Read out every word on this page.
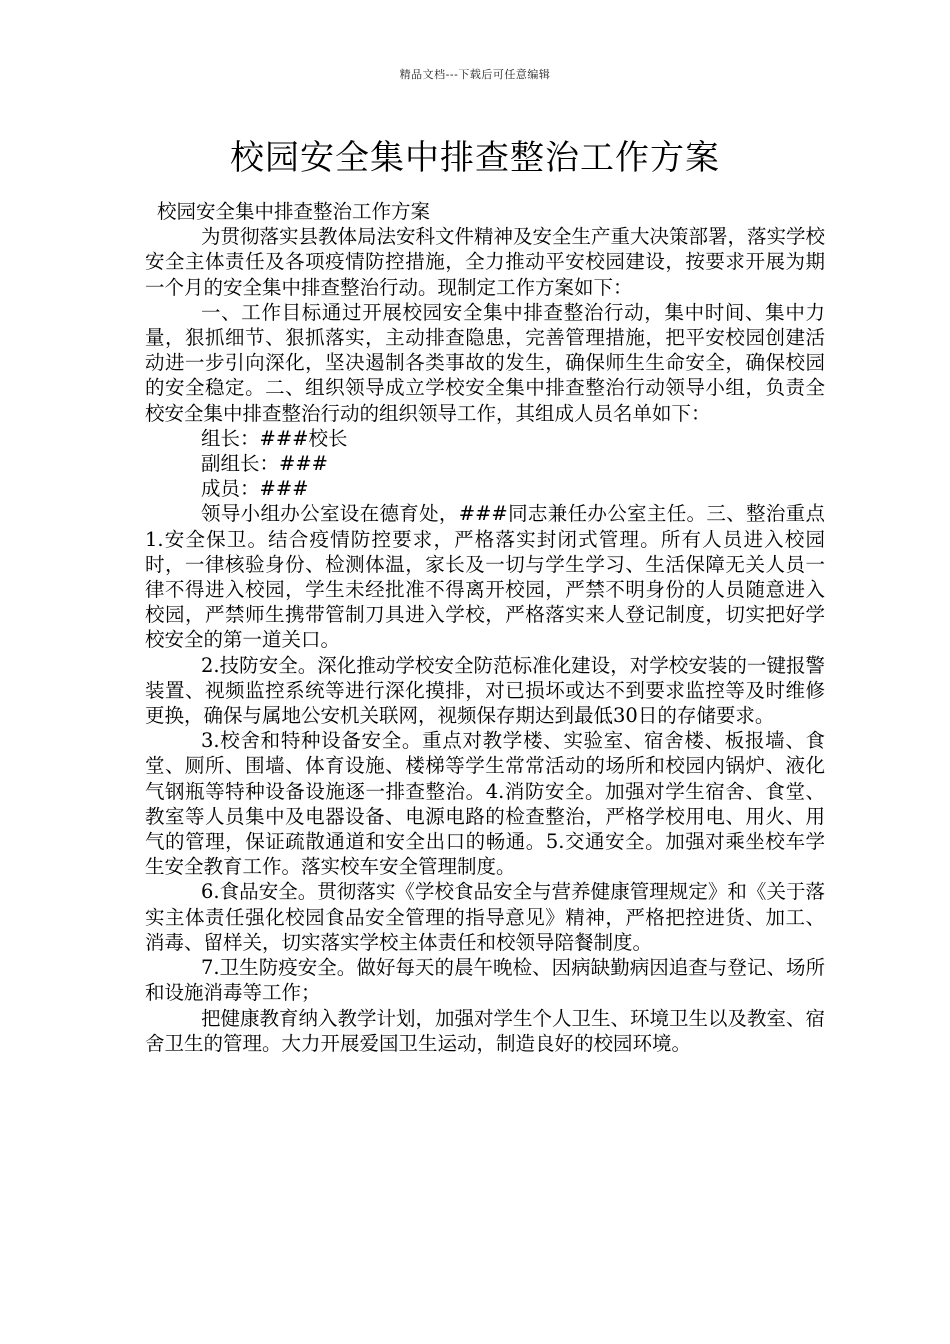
精品文档---下载后可任意编辑
校园安全集中排查整治工作方案

校园安全集中排查整治工作方案

为贯彻落实县教体局法安科文件精神及安全生产重大决策部署，落实学校安全主体责任及各项疫情防控措施，全力推动平安校园建设，按要求开展为期一个月的安全集中排查整治行动。现制定工作方案如下：

一、工作目标通过开展校园安全集中排查整治行动，集中时间、集中力量，狠抓细节、狠抓落实，主动排查隐患，完善管理措施，把平安校园创建活动进一步引向深化，坚决遏制各类事故的发生，确保师生生命安全，确保校园的安全稳定。二、组织领导成立学校安全集中排查整治行动领导小组，负责全校安全集中排查整治行动的组织领导工作，其组成人员名单如下：

组长：###校长

副组长：###

成员：###

领导小组办公室设在德育处，###同志兼任办公室主任。三、整治重点1.安全保卫。结合疫情防控要求，严格落实封闭式管理。所有人员进入校园时，一律核验身份、检测体温，家长及一切与学生学习、生活保障无关人员一律不得进入校园，学生未经批准不得离开校园，严禁不明身份的人员随意进入校园，严禁师生携带管制刀具进入学校，严格落实来人登记制度，切实把好学校安全的第一道关口。

2.技防安全。深化推动学校安全防范标准化建设，对学校安装的一键报警装置、视频监控系统等进行深化摸排，对已损坏或达不到要求监控等及时维修更换，确保与属地公安机关联网，视频保存期达到最低30日的存储要求。

3.校舍和特种设备安全。重点对教学楼、实验室、宿舍楼、板报墙、食堂、厕所、围墙、体育设施、楼梯等学生常常活动的场所和校园内锅炉、液化气钢瓶等特种设备设施逐一排查整治。4.消防安全。加强对学生宿舍、食堂、教室等人员集中及电器设备、电源电路的检查整治，严格学校用电、用火、用气的管理，保证疏散通道和安全出口的畅通。5.交通安全。加强对乘坐校车学生安全教育工作。落实校车安全管理制度。

6.食品安全。贯彻落实《学校食品安全与营养健康管理规定》和《关于落实主体责任强化校园食品安全管理的指导意见》精神，严格把控进货、加工、消毒、留样关，切实落实学校主体责任和校领导陪餐制度。

7.卫生防疫安全。做好每天的晨午晚检、因病缺勤病因追查与登记、场所和设施消毒等工作；

把健康教育纳入教学计划，加强对学生个人卫生、环境卫生以及教室、宿舍卫生的管理。大力开展爱国卫生运动，制造良好的校园环境。
